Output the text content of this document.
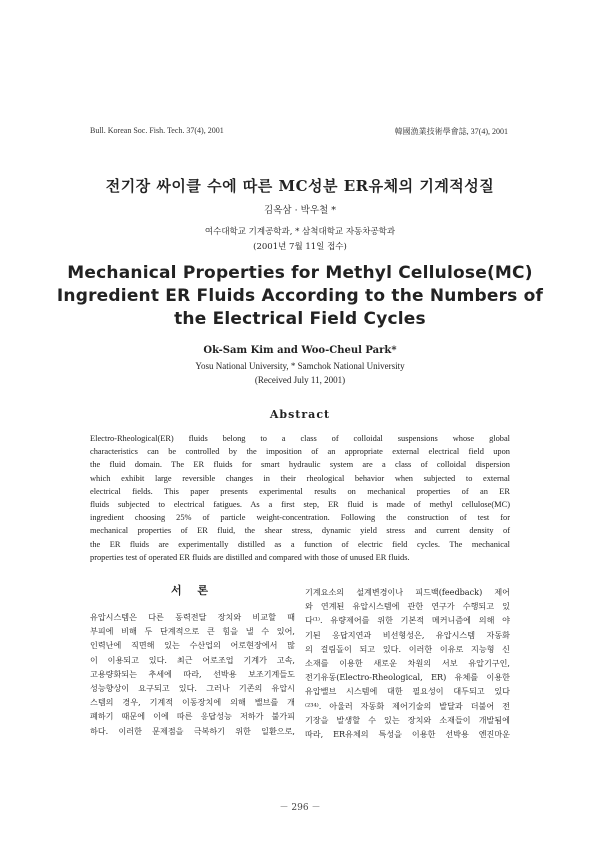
Bull. Korean Soc. Fish. Tech. 37(4), 2001	韓國漁業技術學會誌, 37(4), 2001
전기장 싸이클 수에 따른 MC성분 ER유체의 기계적성질
김옥삼 · 박우철 *
여수대학교 기계공학과, * 삼척대학교 자동차공학과
(2001년 7월 11일 접수)
Mechanical Properties for Methyl Cellulose(MC)
Ingredient ER Fluids According to the Numbers of
the Electrical Field Cycles
Ok-Sam Kim and Woo-Cheul Park*
Yosu National University, * Samchok National University
(Received July 11, 2001)
Abstract
Electro-Rheological(ER) fluids belong to a class of colloidal suspensions whose global
characteristics can be controlled by the imposition of an appropriate external electrical field upon
the fluid domain. The ER fluids for smart hydraulic system are a class of colloidal dispersion
which exhibit large reversible changes in their rheological behavior when subjected to external
electrical fields. This paper presents experimental results on mechanical properties of an ER
fluids subjected to electrical fatigues. As a first step, ER fluid is made of methyl cellulose(MC)
ingredient choosing 25% of particle weight-concentration. Following the construction of test for
mechanical properties of ER fluid, the shear stress, dynamic yield stress and current density of
the ER fluids are experimentally distilled as a function of electric field cycles. The mechanical
properties test of operated ER fluids are distilled and compared with those of unused ER fluids.
서 론
유압시스템은 다른 동력전달 장치와 비교할 때
부피에 비해 두 단계적으로 큰 힘을 낼 수 있어,
인력난에 직면해 있는 수산업의 어로현장에서 많
이 이용되고 있다. 최근 어로조업 기계가 고속,
고용량화되는 추세에 따라, 선박용 보조기계들도
성능향상이 요구되고 있다. 그러나 기존의 유압시
스템의 경우, 기계적 이동장치에 의해 밸브를 개
폐하기 때문에 이에 따른 응답성능 저하가 불가피
하다. 이러한 문제점을 극복하기 위한 일환으로,
기계요소의 설계변경이나 피드백(feedback) 제어
와 연계된 유압시스템에 관한 연구가 수행되고 있
다⁽¹⁾. 유량제어를 위한 기본적 메커니즘에 의해 야
기된 응답지연과 비선형성은, 유압시스템 자동화
의 걸림돌이 되고 있다. 이러한 이유로 지능형 신
소재를 이용한 새로운 차원의 서보 유압기구인,
전기유동(Electro-Rheological, ER) 유체를 이용한
유압밸브 시스템에 대한 필요성이 대두되고 있다
⁽²³⁴⁾. 아울러 자동화 제어기술의 발달과 더불어 전
기장을 발생할 수 있는 장치와 소재들이 개발됨에
따라, ER유체의 특성을 이용한 선박용 엔진마운
－ 296 －
